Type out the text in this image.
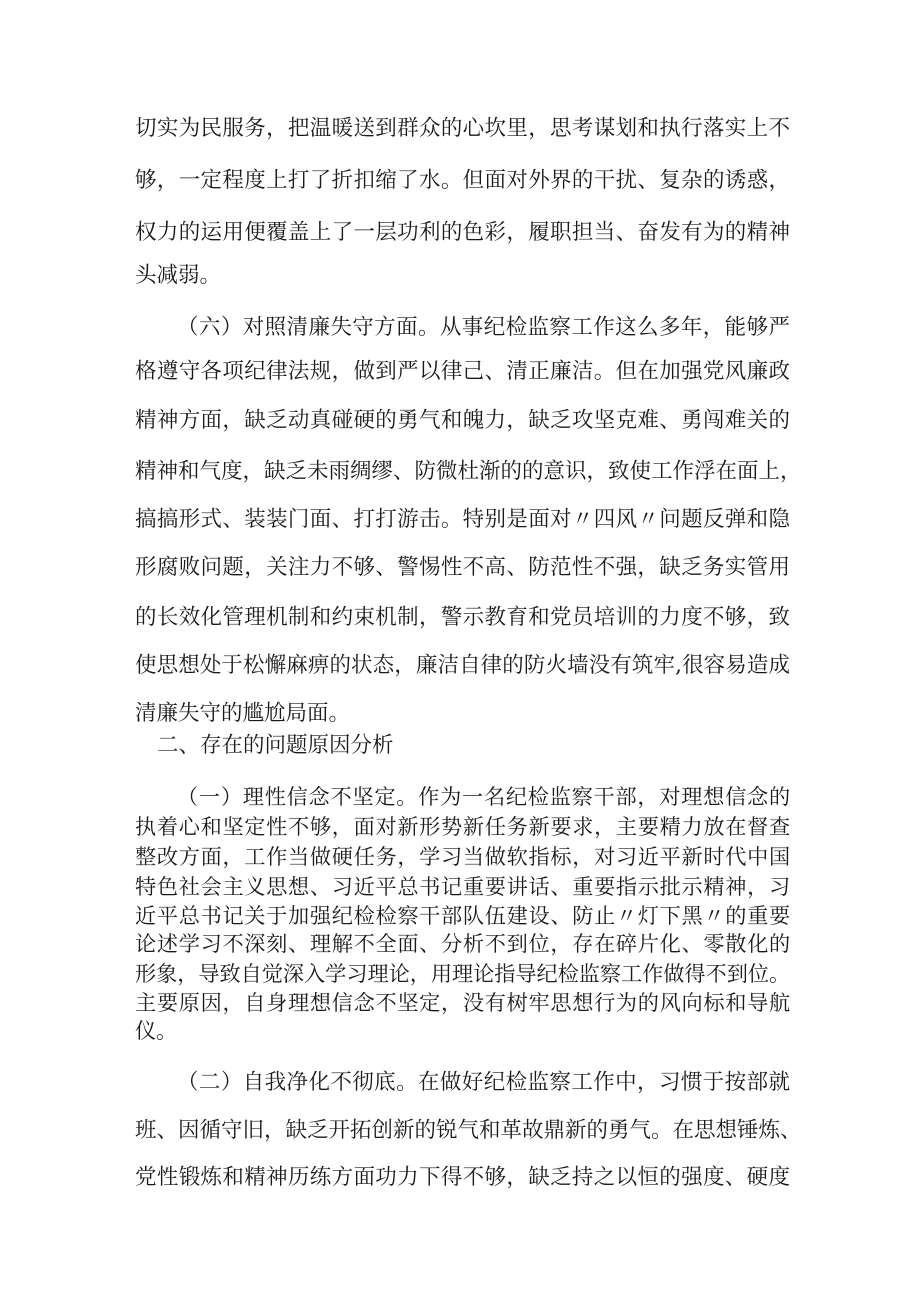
切实为民服务，把温暖送到群众的心坎里，思考谋划和执行落实上不

够，一定程度上打了折扣缩了水。但面对外界的干扰、复杂的诱惑，

权力的运用便覆盖上了一层功利的色彩，履职担当、奋发有为的精神

头减弱。

（六）对照清廉失守方面。从事纪检监察工作这么多年，能够严

格遵守各项纪律法规，做到严以律己、清正廉洁。但在加强党风廉政

精神方面，缺乏动真碰硬的勇气和魄力，缺乏攻坚克难、勇闯难关的

精神和气度，缺乏未雨绸缪、防微杜渐的的意识，致使工作浮在面上，

搞搞形式、装装门面、打打游击。特别是面对〃四风〃问题反弹和隐

形腐败问题，关注力不够、警惕性不高、防范性不强，缺乏务实管用

的长效化管理机制和约束机制，警示教育和党员培训的力度不够，致

使思想处于松懈麻痹的状态，廉洁自律的防火墙没有筑牢,很容易造成

清廉失守的尴尬局面。

二、存在的问题原因分析

（一）理性信念不坚定。作为一名纪检监察干部，对理想信念的

执着心和坚定性不够，面对新形势新任务新要求，主要精力放在督查

整改方面，工作当做硬任务，学习当做软指标，对习近平新时代中国

特色社会主义思想、习近平总书记重要讲话、重要指示批示精神，习

近平总书记关于加强纪检检察干部队伍建设、防止〃灯下黑〃的重要

论述学习不深刻、理解不全面、分析不到位，存在碎片化、零散化的

形象，导致自觉深入学习理论，用理论指导纪检监察工作做得不到位。

主要原因，自身理想信念不坚定，没有树牢思想行为的风向标和导航

仪。

（二）自我净化不彻底。在做好纪检监察工作中，习惯于按部就

班、因循守旧，缺乏开拓创新的锐气和革故鼎新的勇气。在思想锤炼、

党性锻炼和精神历练方面功力下得不够，缺乏持之以恒的强度、硬度
